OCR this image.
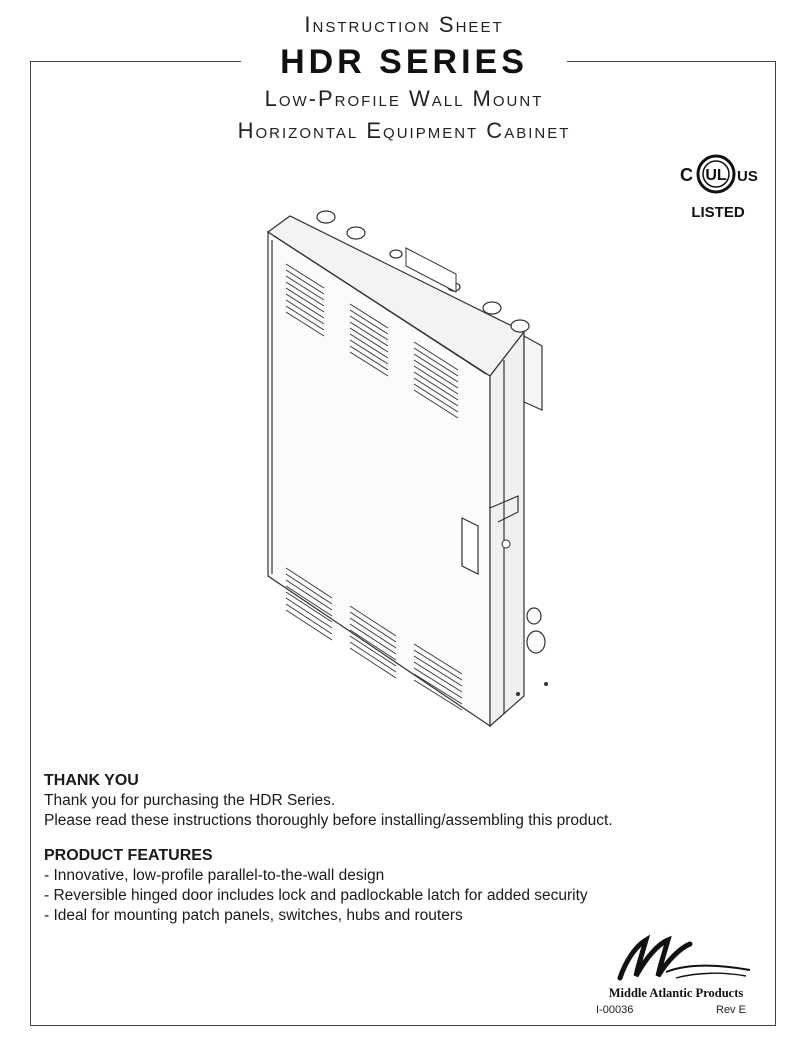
Instruction Sheet
HDR SERIES
Low-Profile Wall Mount
Horizontal Equipment Cabinet
C UL US
LISTED
THANK YOU
Thank you for purchasing the HDR Series.
Please read these instructions thoroughly before installing/assembling this product.
PRODUCT FEATURES
- Innovative, low-profile parallel-to-the-wall design
- Reversible hinged door includes lock and padlockable latch for added security
- Ideal for mounting patch panels, switches, hubs and routers
Middle Atlantic Products
I-00036	Rev E
